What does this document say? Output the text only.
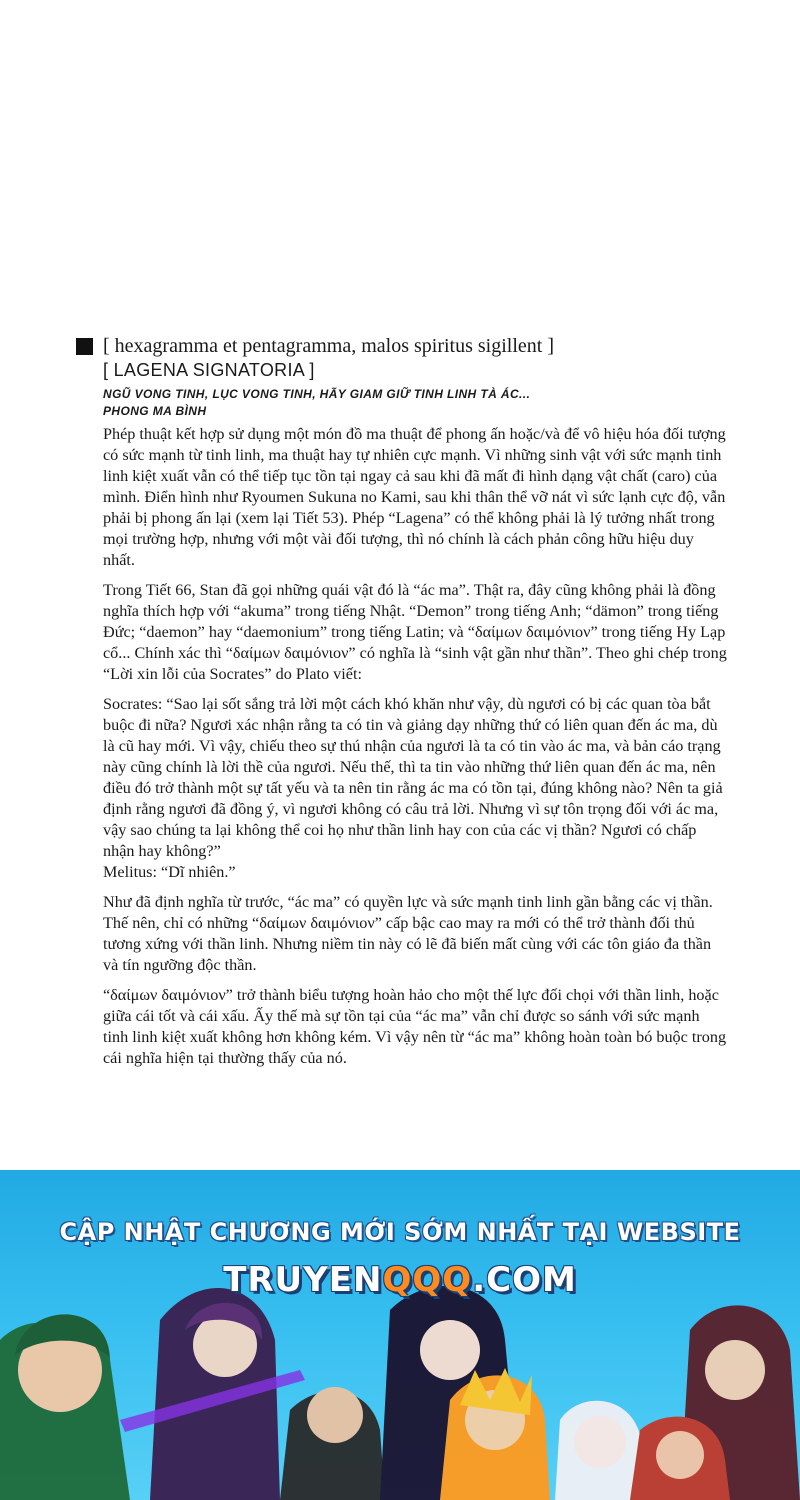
[ hexagramma et pentagramma, malos spiritus sigillent ]
[ LAGENA SIGNATORIA ]
NGŨ VONG TINH, LỤC VONG TINH, HÃY GIAM GIỮ TINH LINH TÀ ÁC...
PHONG MA BÌNH

Phép thuật kết hợp sử dụng một món đồ ma thuật để phong ấn hoặc/và để vô hiệu hóa đối tượng có sức mạnh từ tinh linh, ma thuật hay tự nhiên cực mạnh. Vì những sinh vật với sức mạnh tinh linh kiệt xuất vẫn có thể tiếp tục tồn tại ngay cả sau khi đã mất đi hình dạng vật chất (caro) của mình. Điển hình như Ryoumen Sukuna no Kami, sau khi thân thể vỡ nát vì sức lạnh cực độ, vẫn phải bị phong ấn lại (xem lại Tiết 53). Phép “Lagena” có thể không phải là lý tưởng nhất trong mọi trường hợp, nhưng với một vài đối tượng, thì nó chính là cách phản công hữu hiệu duy nhất.

Trong Tiết 66, Stan đã gọi những quái vật đó là “ác ma”. Thật ra, đây cũng không phải là đồng nghĩa thích hợp với “akuma” trong tiếng Nhật. “Demon” trong tiếng Anh; “dämon” trong tiếng Đức; “daemon” hay “daemonium” trong tiếng Latin; và “δαίμων δαιμόνιον” trong tiếng Hy Lạp cổ... Chính xác thì “δαίμων δαιμόνιον” có nghĩa là “sinh vật gần như thần”. Theo ghi chép trong “Lời xin lỗi của Socrates” do Plato viết:

Socrates: “Sao lại sốt sắng trả lời một cách khó khăn như vậy, dù ngươi có bị các quan tòa bắt buộc đi nữa? Ngươi xác nhận rằng ta có tin và giảng dạy những thứ có liên quan đến ác ma, dù là cũ hay mới. Vì vậy, chiếu theo sự thú nhận của ngươi là ta có tin vào ác ma, và bản cáo trạng này cũng chính là lời thề của ngươi. Nếu thế, thì ta tin vào những thứ liên quan đến ác ma, nên điều đó trở thành một sự tất yếu và ta nên tin rằng ác ma có tồn tại, đúng không nào? Nên ta giả định rằng ngươi đã đồng ý, vì ngươi không có câu trả lời. Nhưng vì sự tôn trọng đối với ác ma, vậy sao chúng ta lại không thể coi họ như thần linh hay con của các vị thần? Ngươi có chấp nhận hay không?”

Melitus: “Dĩ nhiên.”

Như đã định nghĩa từ trước, “ác ma” có quyền lực và sức mạnh tinh linh gần bằng các vị thần. Thế nên, chỉ có những “δαίμων δαιμόνιον” cấp bậc cao may ra mới có thể trở thành đối thủ tương xứng với thần linh. Nhưng niềm tin này có lẽ đã biến mất cùng với các tôn giáo đa thần và tín ngưỡng độc thần.

“δαίμων δαιμόνιον” trở thành biểu tượng hoàn hảo cho một thế lực đối chọi với thần linh, hoặc giữa cái tốt và cái xấu. Ấy thế mà sự tồn tại của “ác ma” vẫn chỉ được so sánh với sức mạnh tinh linh kiệt xuất không hơn không kém. Vì vậy nên từ “ác ma” không hoàn toàn bó buộc trong cái nghĩa hiện tại thường thấy của nó.

CẬP NHẬT CHƯƠNG MỚI SỚM NHẤT TẠI WEBSITE
TRUYENQQQ.COM
